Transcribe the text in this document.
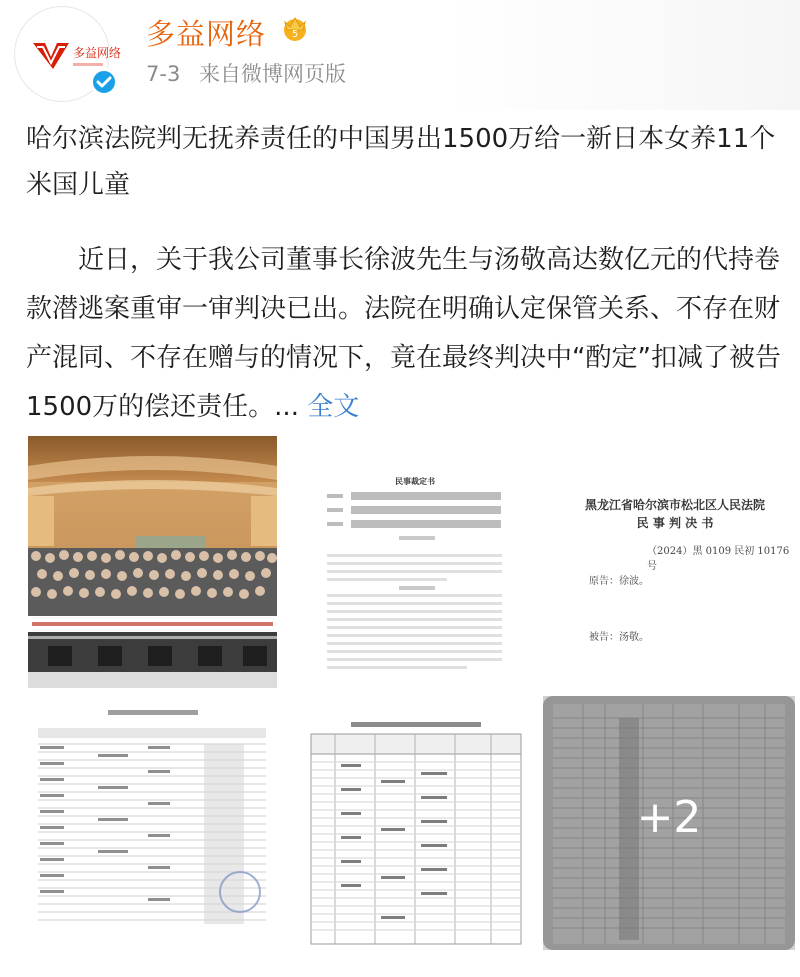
多益网络
多益网络	5
7-3 来自微博网页版
哈尔滨法院判无抚养责任的中国男出1500万给一新日本女养11个米国儿童
近日，关于我公司董事长徐波先生与汤敬高达数亿元的代持卷款潜逃案重审一审判决已出。法院在明确认定保管关系、不存在财产混同、不存在赠与的情况下，竟在最终判决中“酌定”扣减了被告1500万的偿还责任。... 全文
民事裁定书
黑龙江省哈尔滨市松北区人民法院
民 事 判 决 书
（2024）黑 0109 民初 10176 号
原告：徐波。
被告：汤敬。
+2
